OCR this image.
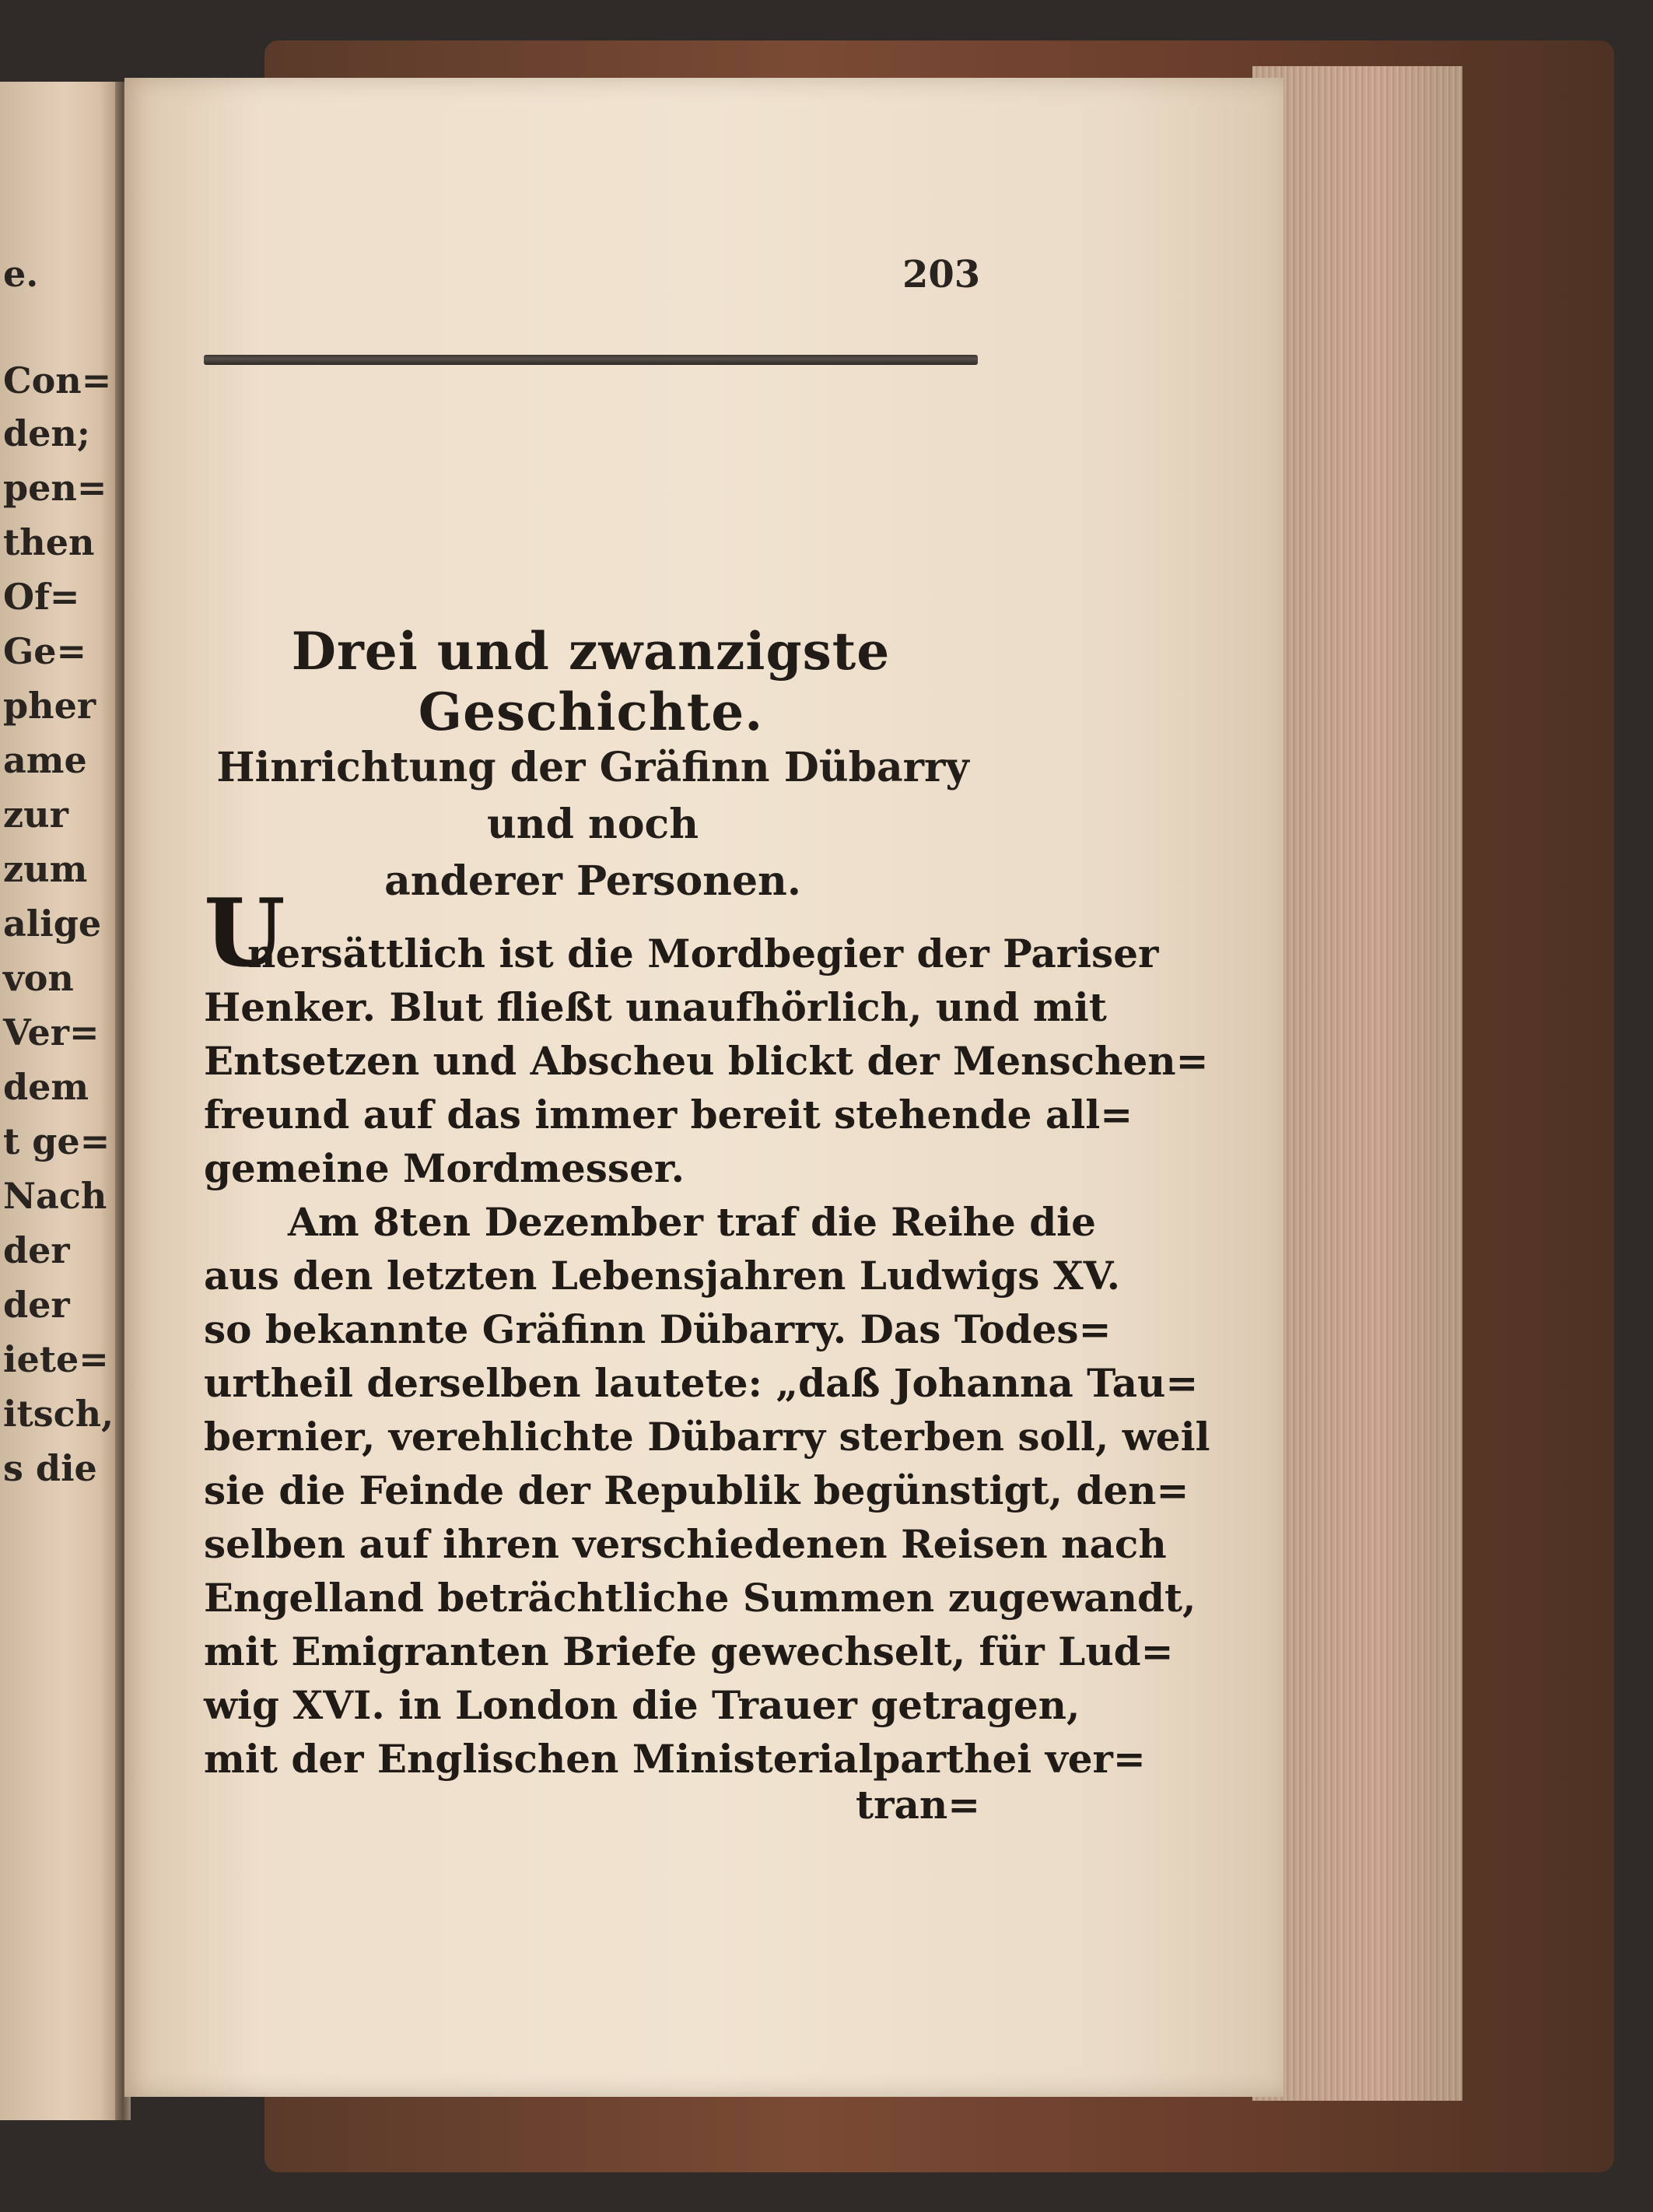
e.
Con=
den;
pen=
then
Of=
Ge=
pher
ame
zur
zum
alige
von
Ver=
dem
t ge=
Nach
der
der
iete=
itsch,
s die
203
Drei und zwanzigste Geschichte.
Hinrichtung der Gräfinn Dübarry und noch
anderer Personen.
U
nersättlich ist die Mordbegier der Pariser
Henker. Blut fließt unaufhörlich, und mit
Entsetzen und Abscheu blickt der Menschen=
freund auf das immer bereit stehende all=
gemeine Mordmesser.
Am 8ten Dezember traf die Reihe die
aus den letzten Lebensjahren Ludwigs XV.
so bekannte Gräfinn Dübarry. Das Todes=
urtheil derselben lautete: „daß Johanna Tau=
bernier, verehlichte Dübarry sterben soll, weil
sie die Feinde der Republik begünstigt, den=
selben auf ihren verschiedenen Reisen nach
Engelland beträchtliche Summen zugewandt,
mit Emigranten Briefe gewechselt, für Lud=
wig XVI. in London die Trauer getragen,
mit der Englischen Ministerialparthei ver=
tran=
